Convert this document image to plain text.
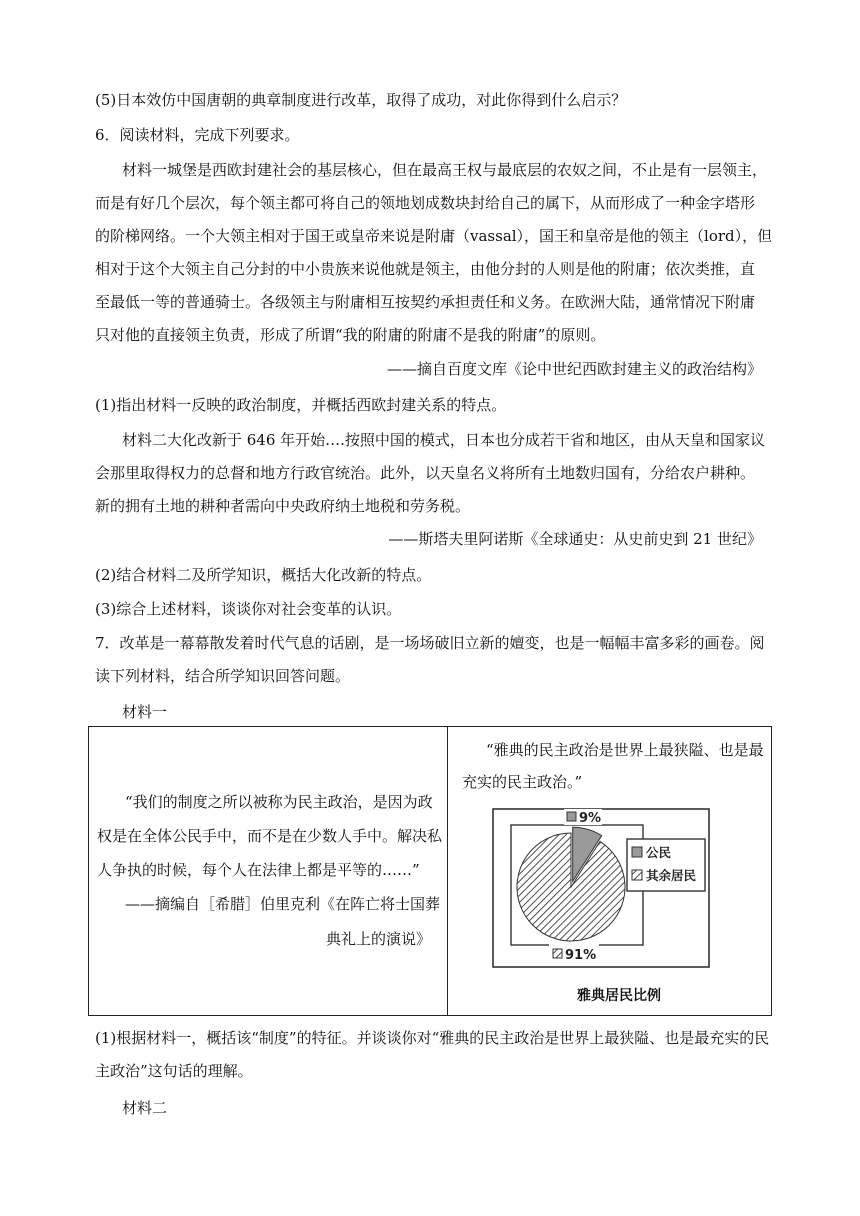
(5)日本效仿中国唐朝的典章制度进行改革，取得了成功，对此你得到什么启示？
6．阅读材料，完成下列要求。
材料一城堡是西欧封建社会的基层核心，但在最高王权与最底层的农奴之间，不止是有一层领主，
而是有好几个层次，每个领主都可将自己的领地划成数块封给自己的属下，从而形成了一种金字塔形
的阶梯网络。一个大领主相对于国王或皇帝来说是附庸（vassal），国王和皇帝是他的领主（lord），但
相对于这个大领主自己分封的中小贵族来说他就是领主，由他分封的人则是他的附庸；依次类推，直
至最低一等的普通骑士。各级领主与附庸相互按契约承担责任和义务。在欧洲大陆，通常情况下附庸
只对他的直接领主负责，形成了所谓“我的附庸的附庸不是我的附庸”的原则。
——摘自百度文库《论中世纪西欧封建主义的政治结构》
(1)指出材料一反映的政治制度，并概括西欧封建关系的特点。
材料二大化改新于 646 年开始….按照中国的模式，日本也分成若干省和地区，由从天皇和国家议
会那里取得权力的总督和地方行政官统治。此外，以天皇名义将所有土地数归国有，分给农户耕种。
新的拥有土地的耕种者需向中央政府纳土地税和劳务税。
——斯塔夫里阿诺斯《全球通史：从史前史到 21 世纪》
(2)结合材料二及所学知识，概括大化改新的特点。
(3)综合上述材料，谈谈你对社会变革的认识。
7．改革是一幕幕散发着时代气息的话剧，是一场场破旧立新的嬗变，也是一幅幅丰富多彩的画卷。阅
读下列材料，结合所学知识回答问题。
材料一
“我们的制度之所以被称为民主政治，是因为政
权是在全体公民手中，而不是在少数人手中。解决私
人争执的时候，每个人在法律上都是平等的……”
——摘编自［希腊］伯里克利《在阵亡将士国葬
典礼上的演说》
“雅典的民主政治是世界上最狭隘、也是最
充实的民主政治。”
9%
91%
公民
其余居民
雅典居民比例
(1)根据材料一，概括该“制度”的特征。并谈谈你对“雅典的民主政治是世界上最狭隘、也是最充实的民
主政治”这句话的理解。
材料二
